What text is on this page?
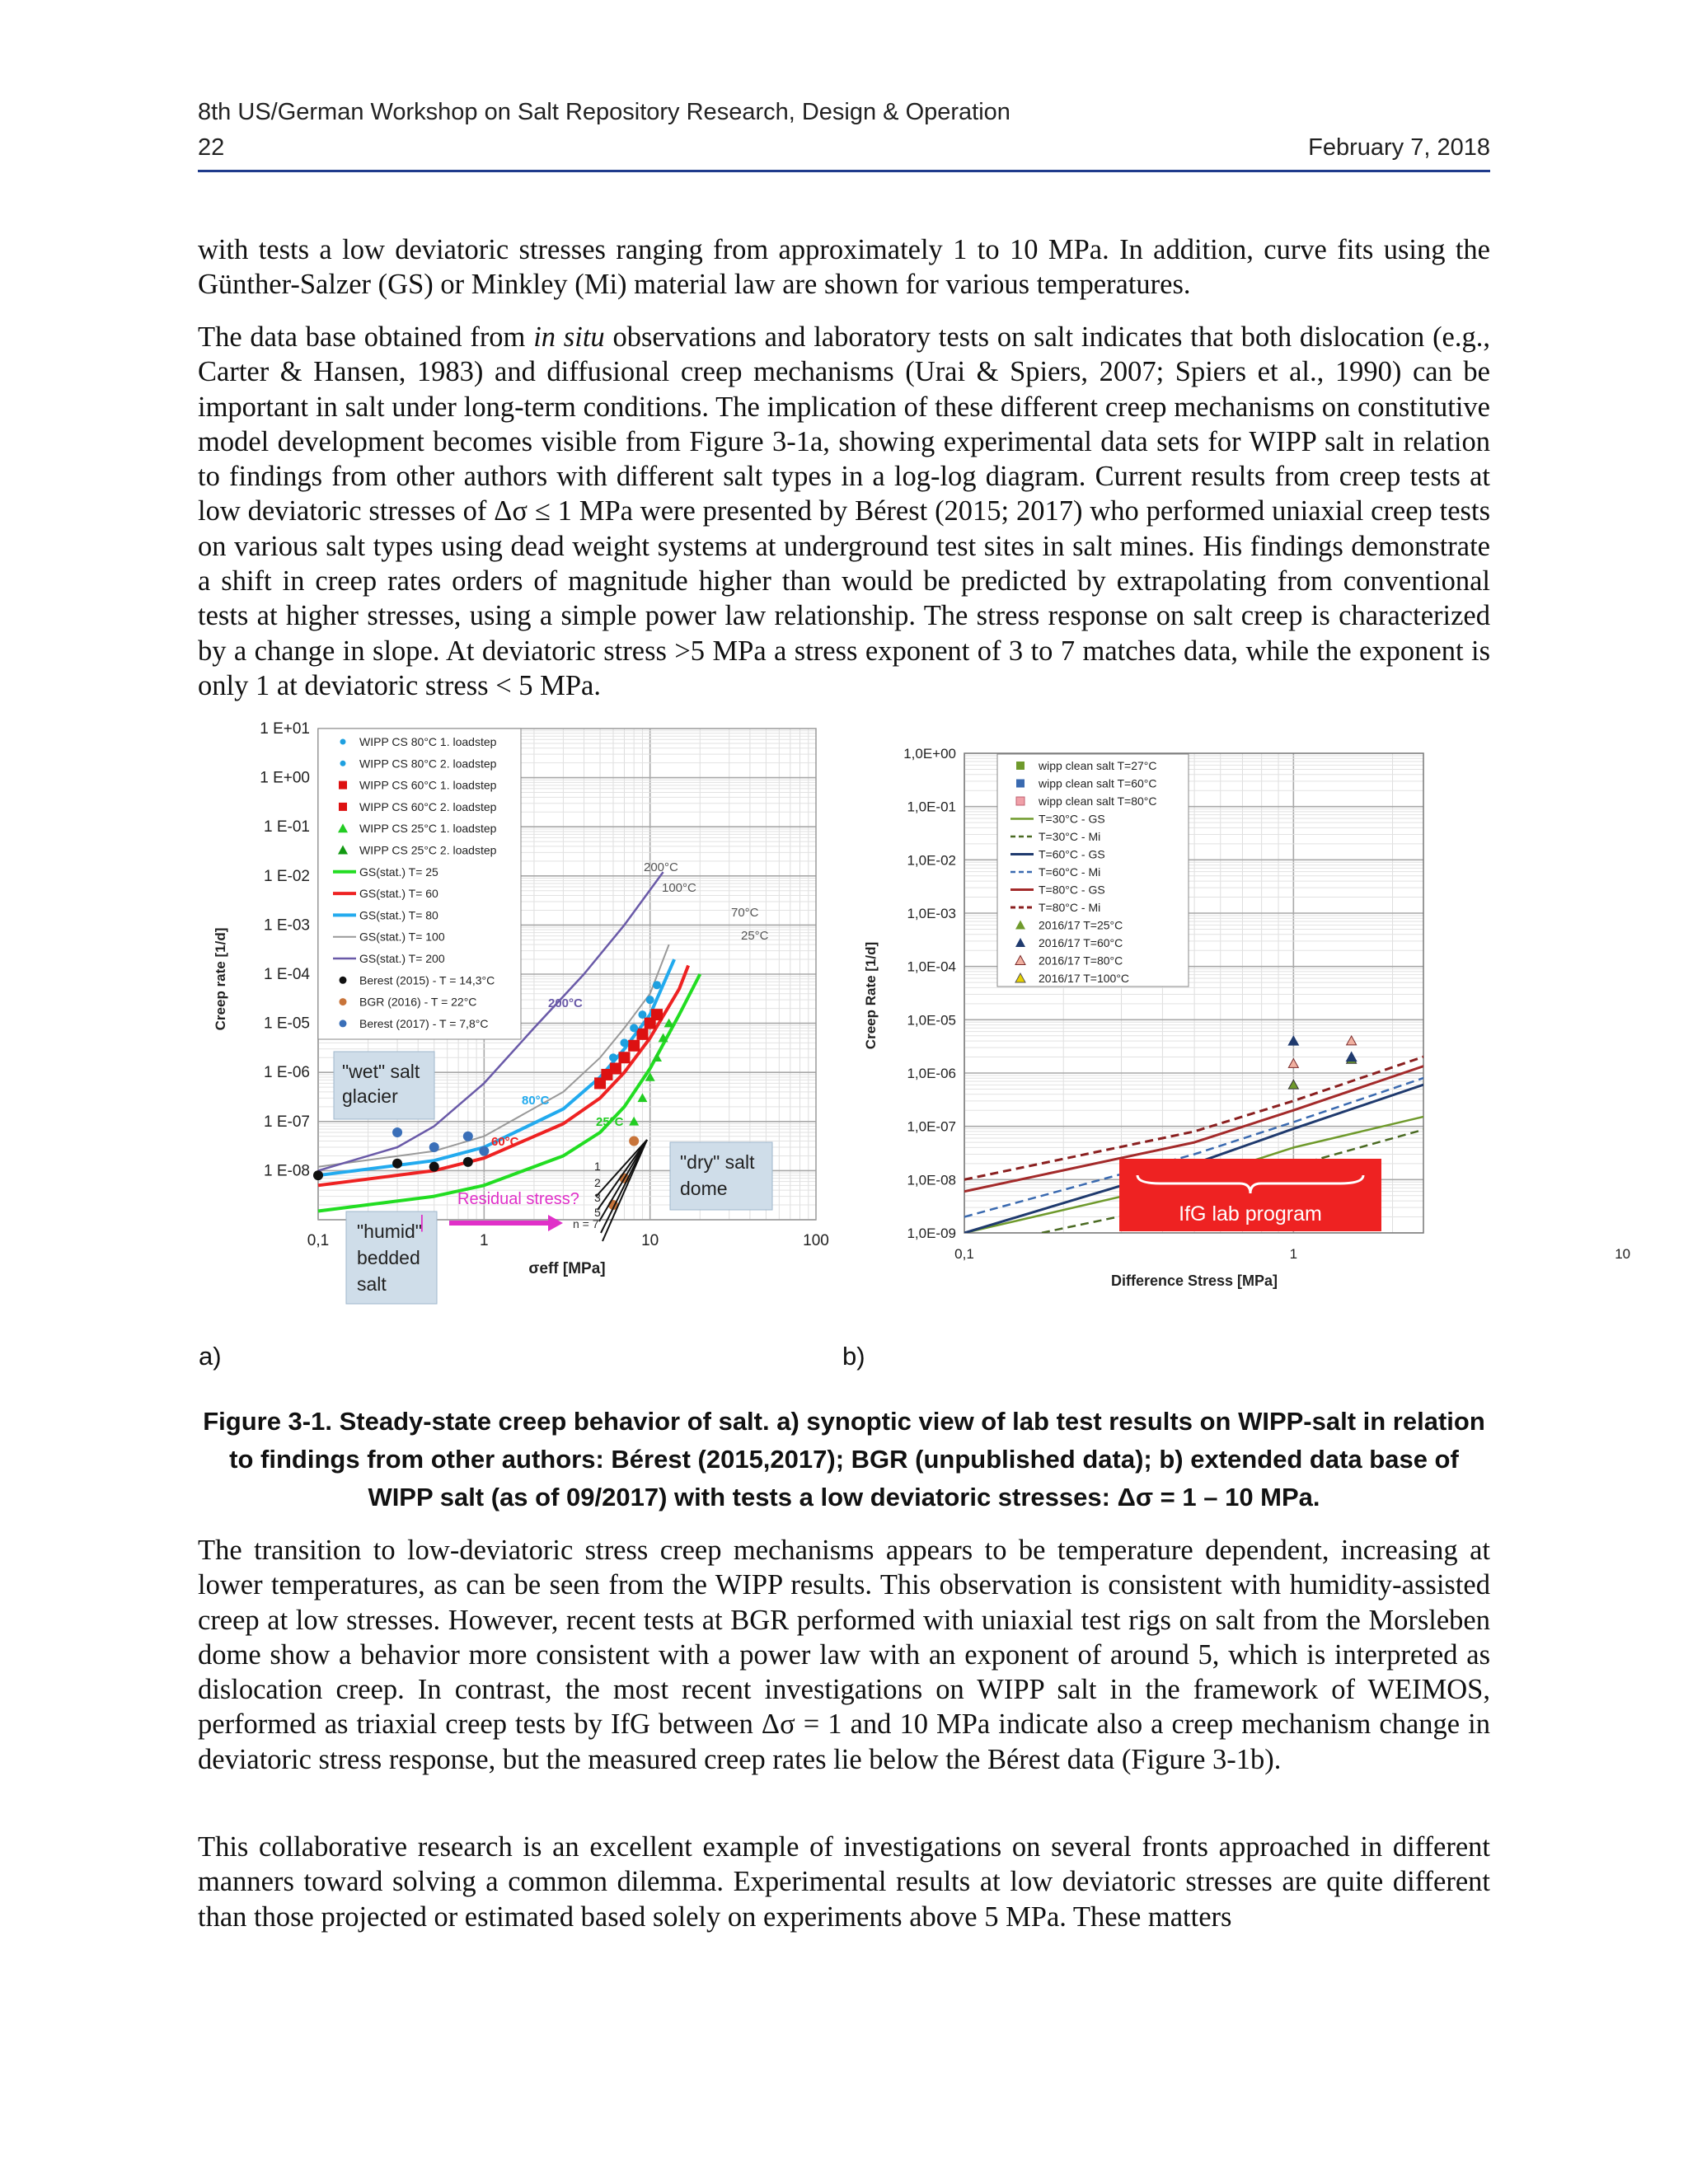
8th US/German Workshop on Salt Repository Research, Design & Operation
22	February 7, 2018

with tests a low deviatoric stresses ranging from approximately 1 to 10 MPa. In addition, curve fits using the Günther-Salzer (GS) or Minkley (Mi) material law are shown for various temperatures.

The data base obtained from in situ observations and laboratory tests on salt indicates that both dislocation (e.g., Carter & Hansen, 1983) and diffusional creep mechanisms (Urai & Spiers, 2007; Spiers et al., 1990) can be important in salt under long-term conditions. The implication of these different creep mechanisms on constitutive model development becomes visible from Figure 3-1a, showing experimental data sets for WIPP salt in relation to findings from other authors with different salt types in a log-log diagram. Current results from creep tests at low deviatoric stresses of Δσ ≤ 1 MPa were presented by Bérest (2015; 2017) who performed uniaxial creep tests on various salt types using dead weight systems at underground test sites in salt mines. His findings demonstrate a shift in creep rates orders of magnitude higher than would be predicted by extrapolating from conventional tests at higher stresses, using a simple power law relationship. The stress response on salt creep is characterized by a change in slope. At deviatoric stress >5 MPa a stress exponent of 3 to 7 matches data, while the exponent is only 1 at deviatoric stress < 5 MPa.

0,1	1	10	100
1 E+01
1 E+00
1 E-01
1 E-02
1 E-03
1 E-04
1 E-05
1 E-06
1 E-07
1 E-08
Creep rate [1/d]
σeff [MPa]
WIPP CS 80°C 1. loadstep
WIPP CS 80°C 2. loadstep
WIPP CS 60°C 1. loadstep
WIPP CS 60°C 2. loadstep
WIPP CS 25°C 1. loadstep
WIPP CS 25°C 2. loadstep
GS(stat.) T= 25
GS(stat.) T= 60
GS(stat.) T= 80
GS(stat.) T= 100
GS(stat.) T= 200
Berest (2015) - T = 14,3°C
BGR (2016) - T = 22°C
Berest (2017) - T = 7,8°C
"wet" salt
glacier
"humid"
bedded
salt
"dry" salt
dome
1
2
3
5
n = 7
Residual stress?
|
200°C
100°C
70°C
25°C
200°C
80°C
60°C
25°C
0,1	1	10
1,0E+00
1,0E-01
1,0E-02
1,0E-03
1,0E-04
1,0E-05
1,0E-06
1,0E-07
1,0E-08
1,0E-09
Creep Rate [1/d]
Difference Stress [MPa]
wipp clean salt T=27°C
wipp clean salt T=60°C
wipp clean salt T=80°C
T=30°C - GS
T=30°C - Mi
T=60°C - GS
T=60°C - Mi
T=80°C - GS
T=80°C - Mi
2016/17 T=25°C
2016/17 T=60°C
2016/17 T=80°C
2016/17 T=100°C
IfG lab program
a)	b)
Figure 3-1. Steady-state creep behavior of salt. a) synoptic view of lab test results on WIPP-salt in relation to findings from other authors: Bérest (2015,2017); BGR (unpublished data); b) extended data base of WIPP salt (as of 09/2017) with tests a low deviatoric stresses: Δσ = 1 – 10 MPa.

The transition to low-deviatoric stress creep mechanisms appears to be temperature dependent, increasing at lower temperatures, as can be seen from the WIPP results. This observation is consistent with humidity-assisted creep at low stresses. However, recent tests at BGR performed with uniaxial test rigs on salt from the Morsleben dome show a behavior more consistent with a power law with an exponent of around 5, which is interpreted as dislocation creep. In contrast, the most recent investigations on WIPP salt in the framework of WEIMOS, performed as triaxial creep tests by IfG between Δσ = 1 and 10 MPa indicate also a creep mechanism change in deviatoric stress response, but the measured creep rates lie below the Bérest data (Figure 3-1b).

This collaborative research is an excellent example of investigations on several fronts approached in different manners toward solving a common dilemma. Experimental results at low deviatoric stresses are quite different than those projected or estimated based solely on experiments above 5 MPa. These matters
